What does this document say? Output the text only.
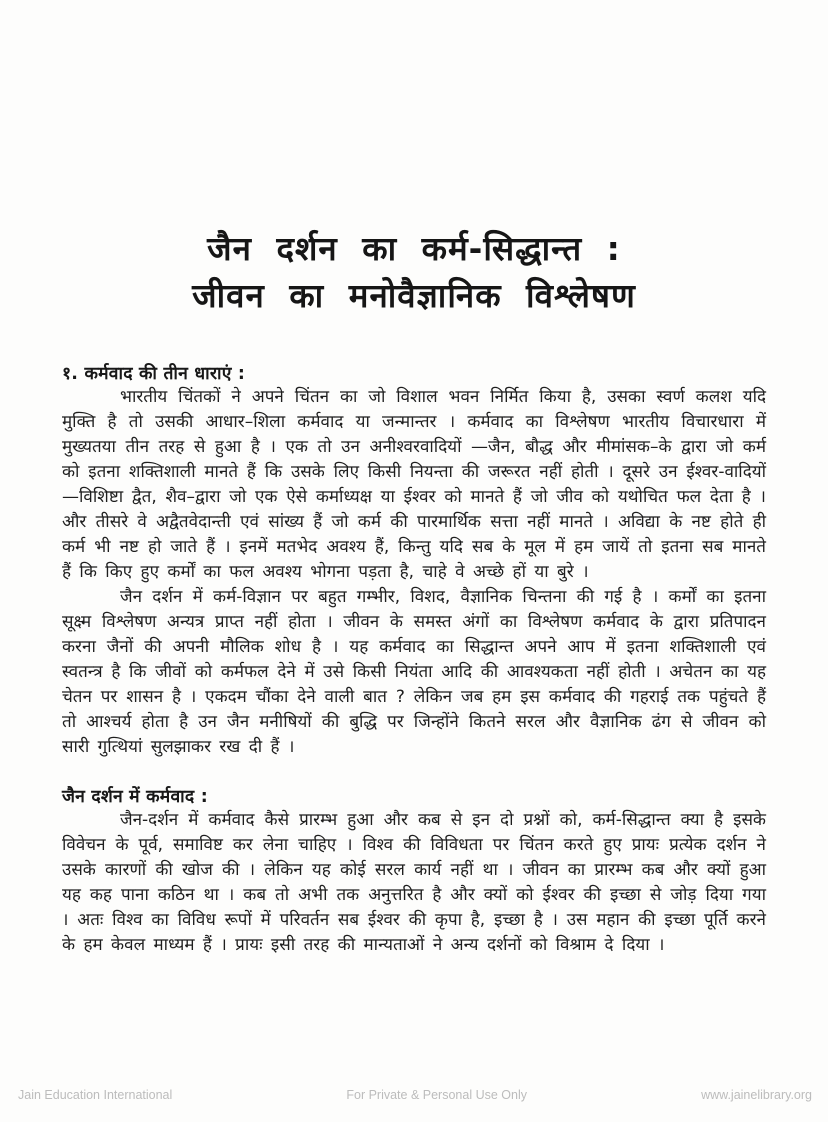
जैन दर्शन का कर्म-सिद्धान्त :
जीवन का मनोवैज्ञानिक विश्लेषण
१. कर्मवाद की तीन धाराएं :

भारतीय चिंतकों ने अपने चिंतन का जो विशाल भवन निर्मित किया है, उसका स्वर्ण कलश यदि मुक्ति है तो उसकी आधार–शिला कर्मवाद या जन्मान्तर । कर्मवाद का विश्लेषण भारतीय विचारधारा में मुख्यतया तीन तरह से हुआ है । एक तो उन अनीश्वरवादियों —जैन, बौद्ध और मीमांसक–के द्वारा जो कर्म को इतना शक्तिशाली मानते हैं कि उसके लिए किसी नियन्ता की जरूरत नहीं होती । दूसरे उन ईश्वर-वादियों—विशिष्टा द्वैत, शैव–द्वारा जो एक ऐसे कर्माध्यक्ष या ईश्वर को मानते हैं जो जीव को यथोचित फल देता है । और तीसरे वे अद्वैतवेदान्ती एवं सांख्य हैं जो कर्म की पारमार्थिक सत्ता नहीं मानते । अविद्या के नष्ट होते ही कर्म भी नष्ट हो जाते हैं । इनमें मतभेद अवश्य हैं, किन्तु यदि सब के मूल में हम जायें तो इतना सब मानते हैं कि किए हुए कर्मों का फल अवश्य भोगना पड़ता है, चाहे वे अच्छे हों या बुरे ।

जैन दर्शन में कर्म-विज्ञान पर बहुत गम्भीर, विशद, वैज्ञानिक चिन्तना की गई है । कर्मों का इतना सूक्ष्म विश्लेषण अन्यत्र प्राप्त नहीं होता । जीवन के समस्त अंगों का विश्लेषण कर्मवाद के द्वारा प्रतिपादन करना जैनों की अपनी मौलिक शोध है । यह कर्मवाद का सिद्धान्त अपने आप में इतना शक्तिशाली एवं स्वतन्त्र है कि जीवों को कर्मफल देने में उसे किसी नियंता आदि की आवश्यकता नहीं होती । अचेतन का यह चेतन पर शासन है । एकदम चौंका देने वाली बात ? लेकिन जब हम इस कर्मवाद की गहराई तक पहुंचते हैं तो आश्चर्य होता है उन जैन मनीषियों की बुद्धि पर जिन्होंने कितने सरल और वैज्ञानिक ढंग से जीवन को सारी गुत्थियां सुलझाकर रख दी हैं ।

जैन दर्शन में कर्मवाद :

जैन-दर्शन में कर्मवाद कैसे प्रारम्भ हुआ और कब से इन दो प्रश्नों को, कर्म-सिद्धान्त क्या है इसके विवेचन के पूर्व, समाविष्ट कर लेना चाहिए । विश्व की विविधता पर चिंतन करते हुए प्रायः प्रत्येक दर्शन ने उसके कारणों की खोज की । लेकिन यह कोई सरल कार्य नहीं था । जीवन का प्रारम्भ कब और क्यों हुआ यह कह पाना कठिन था । कब तो अभी तक अनुत्तरित है और क्यों को ईश्वर की इच्छा से जोड़ दिया गया । अतः विश्व का विविध रूपों में परिवर्तन सब ईश्वर की कृपा है, इच्छा है । उस महान की इच्छा पूर्ति करने के हम केवल माध्यम हैं । प्रायः इसी तरह की मान्यताओं ने अन्य दर्शनों को विश्राम दे दिया ।

Jain Education International	For Private & Personal Use Only	www.jainelibrary.org
